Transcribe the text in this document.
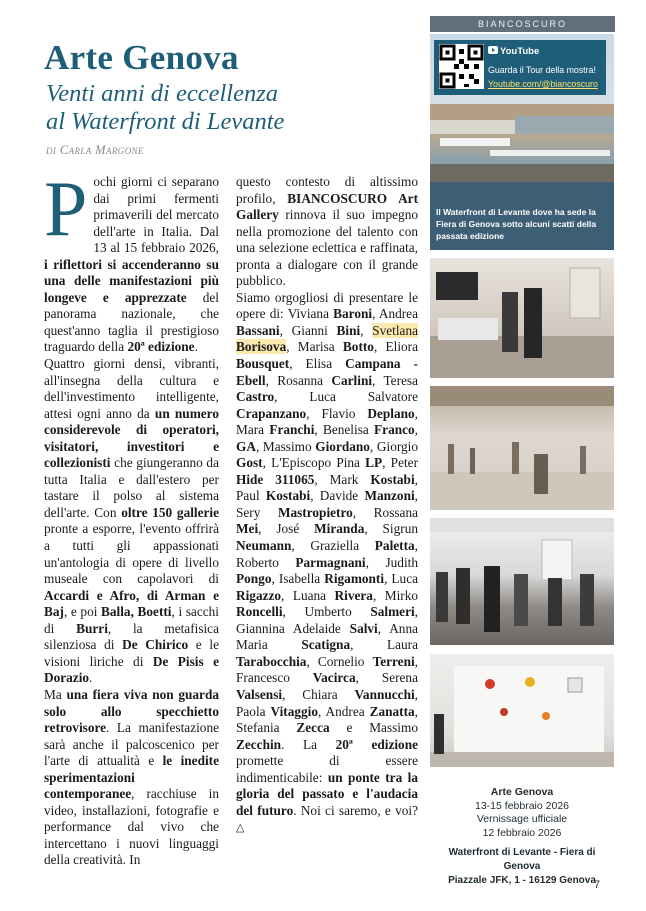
Arte Genova
Venti anni di eccellenza
al Waterfront di Levante
di Carla Margone

Pochi giorni ci separano dai primi fermenti primaverili del mercato dell'arte in Italia. Dal 13 al 15 febbraio 2026, i riflettori si accenderanno su una delle manifestazioni più longeve e apprezzate del panorama nazionale, che quest'anno taglia il prestigioso traguardo della 20ª edizione.

Quattro giorni densi, vibranti, all'insegna della cultura e dell'investimento intelligente, attesi ogni anno da un numero considerevole di operatori, visitatori, investitori e collezionisti che giungeranno da tutta Italia e dall'estero per tastare il polso al sistema dell'arte. Con oltre 150 gallerie pronte a esporre, l'evento offrirà a tutti gli appassionati un'antologia di opere di livello museale con capolavori di Accardi e Afro, di Arman e Baj, e poi Balla, Boetti, i sacchi di Burri, la metafisica silenziosa di De Chirico e le visioni liriche di De Pisis e Dorazio.

Ma una fiera viva non guarda solo allo specchietto retrovisore. La manifestazione sarà anche il palcoscenico per l'arte di attualità e le inedite sperimentazioni contemporanee, racchiuse in video, installazioni, fotografie e performance dal vivo che intercettano i nuovi linguaggi della creatività. In

questo contesto di altissimo profilo, BIANCOSCURO Art Gallery rinnova il suo impegno nella promozione del talento con una selezione eclettica e raffinata, pronta a dialogare con il grande pubblico.

Siamo orgogliosi di presentare le opere di: Viviana Baroni, Andrea Bassani, Gianni Bini, Svetlana Borisova, Marisa Botto, Eliora Bousquet, Elisa Campana - Ebell, Rosanna Carlini, Teresa Castro, Luca Salvatore Crapanzano, Flavio Deplano, Mara Franchi, Benelisa Franco, GA, Massimo Giordano, Giorgio Gost, L'Episcopo Pina LP, Peter Hide 311065, Mark Kostabi, Paul Kostabi, Davide Manzoni, Sery Mastropietro, Rossana Mei, José Miranda, Sigrun Neumann, Graziella Paletta, Roberto Parmagnani, Judith Pongo, Isabella Rigamonti, Luca Rigazzo, Luana Rivera, Mirko Roncelli, Umberto Salmeri, Giannina Adelaide Salvi, Anna Maria Scatigna, Laura Tarabocchia, Cornelio Terreni, Francesco Vacirca, Serena Valsensi, Chiara Vannucchi, Paola Vitaggio, Andrea Zanatta, Stefania Zecca e Massimo Zecchin. La 20ª edizione promette di essere indimenticabile: un ponte tra la gloria del passato e l'audacia del futuro. Noi ci saremo, e voi? △

BIANCOSCURO
YouTube
Guarda il Tour della mostra!
Youtube.com/@biancoscuro
Il Waterfront di Levante dove ha sede la Fiera di Genova sotto alcuni scatti della passata edizione
Arte Genova
13-15 febbraio 2026
Vernissage ufficiale
12 febbraio 2026
Waterfront di Levante - Fiera di Genova
Piazzale JFK, 1 - 16129 Genova
7
